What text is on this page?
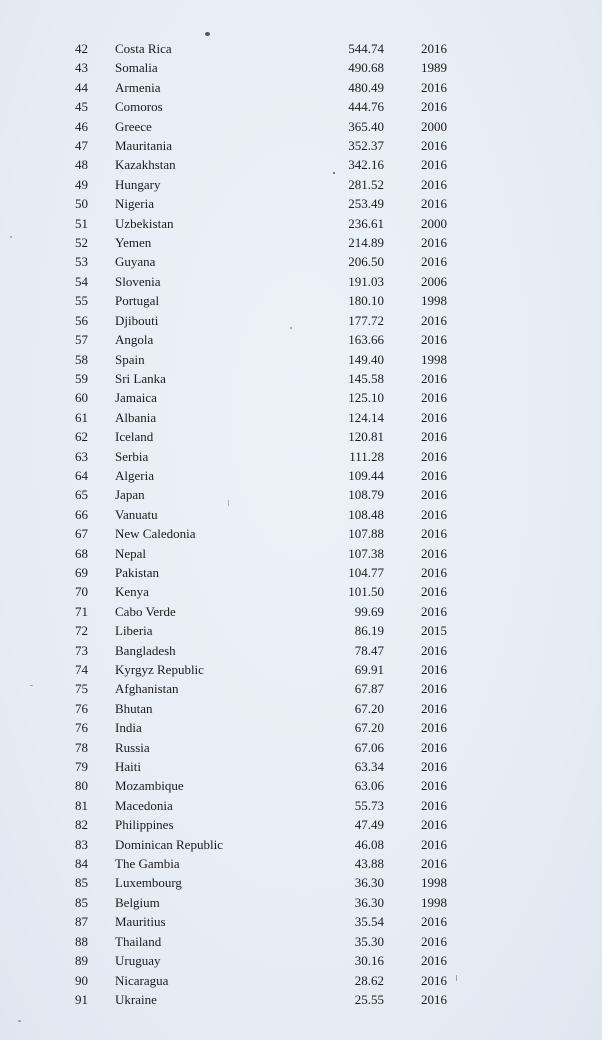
42 Costa Rica	544.74	2016
43 Somalia	490.68	1989
44 Armenia	480.49	2016
45 Comoros	444.76	2016
46 Greece	365.40	2000
47 Mauritania	352.37	2016
48 Kazakhstan	342.16	2016
49 Hungary	281.52	2016
50 Nigeria	253.49	2016
51 Uzbekistan	236.61	2000
52 Yemen	214.89	2016
53 Guyana	206.50	2016
54 Slovenia	191.03	2006
55 Portugal	180.10	1998
56 Djibouti	177.72	2016
57 Angola	163.66	2016
58 Spain	149.40	1998
59 Sri Lanka	145.58	2016
60 Jamaica	125.10	2016
61 Albania	124.14	2016
62 Iceland	120.81	2016
63 Serbia	111.28	2016
64 Algeria	109.44	2016
65 Japan	108.79	2016
66 Vanuatu	108.48	2016
67 New Caledonia	107.88	2016
68 Nepal	107.38	2016
69 Pakistan	104.77	2016
70 Kenya	101.50	2016
71 Cabo Verde	99.69	2016
72 Liberia	86.19	2015
73 Bangladesh	78.47	2016
74 Kyrgyz Republic	69.91	2016
75 Afghanistan	67.87	2016
76 Bhutan	67.20	2016
76 India	67.20	2016
78 Russia	67.06	2016
79 Haiti	63.34	2016
80 Mozambique	63.06	2016
81 Macedonia	55.73	2016
82 Philippines	47.49	2016
83 Dominican Republic	46.08	2016
84 The Gambia	43.88	2016
85 Luxembourg	36.30	1998
85 Belgium	36.30	1998
87 Mauritius	35.54	2016
88 Thailand	35.30	2016
89 Uruguay	30.16	2016
90 Nicaragua	28.62	2016
91 Ukraine	25.55	2016
